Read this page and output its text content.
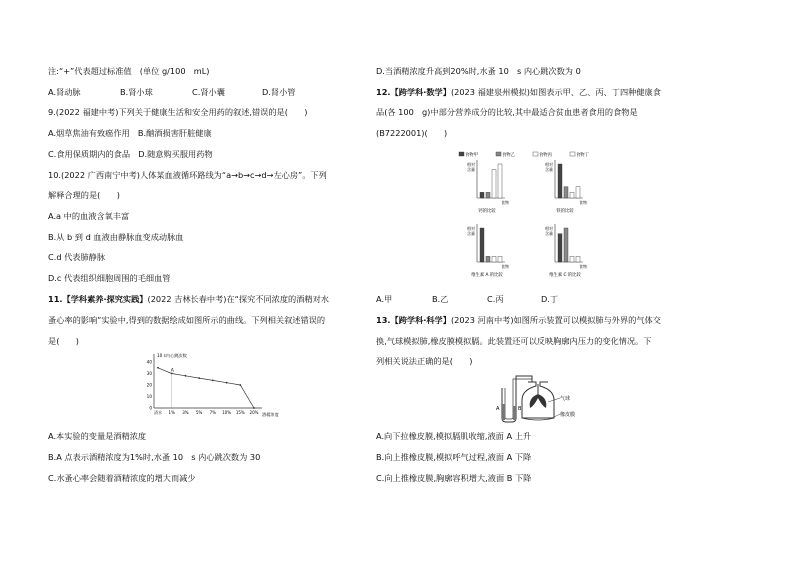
注:“+”代表超过标准值　(单位 g/100　mL)
A.肾动脉	B.肾小球	C.肾小囊	D.肾小管
9.(2022 福建中考)下列关于健康生活和安全用药的叙述,错误的是(　　)
A.烟草焦油有致癌作用　B.酗酒损害肝脏健康
C.食用保质期内的食品　D.随意购买服用药物
10.(2022 广西南宁中考)人体某血液循环路线为“a→b→c→d→左心房”。下列
解释合理的是(　　)
A.a 中的血液含氧丰富
B.从 b 到 d 血液由静脉血变成动脉血
C.d 代表肺静脉
D.c 代表组织细胞周围的毛细血管
11.【学科素养·探究实践】(2022 吉林长春中考)在“探究不同浓度的酒精对水
蚤心率的影响”实验中,得到的数据绘成如图所示的曲线。下列相关叙述错误的
是(　　)
10 s内心跳次数
酒精浓度
0
10
20
30
40
清水 1%
A
3% 5% 7% 10% 15% 20%
A.本实验的变量是酒精浓度
B.A 点表示酒精浓度为1%时,水蚤 10　s 内心跳次数为 30
C.水蚤心率会随着酒精浓度的增大而减少
D.当酒精浓度升高到20%时,水蚤 10　s 内心跳次数为 0
12.【跨学科·数学】(2023 福建泉州模拟)如图表示甲、乙、丙、丁四种健康食
品(各 100　g)中部分营养成分的比较,其中最适合贫血患者食用的食物是
(B7222001)(　　)
食物甲	食物乙	食物丙	食物丁
相对
含量
食物
钙的比较
相对
含量
食物
铁的比较
相对
含量
食物
维生素 A 的比较
相对
含量
食物
维生素 C 的比较
A.甲	B.乙	C.丙	D.丁
13.【跨学科·科学】(2023 河南中考)如图所示装置可以模拟肺与外界的气体交
换,气球模拟肺,橡皮膜模拟膈。此装置还可以反映胸廓内压力的变化情况。下
列相关说法正确的是(　　)
A	B
气球
橡皮膜
A.向下拉橡皮膜,模拟膈肌收缩,液面 A 上升
B.向上推橡皮膜,模拟呼气过程,液面 A 下降
C.向上推橡皮膜,胸廓容积增大,液面 B 下降
